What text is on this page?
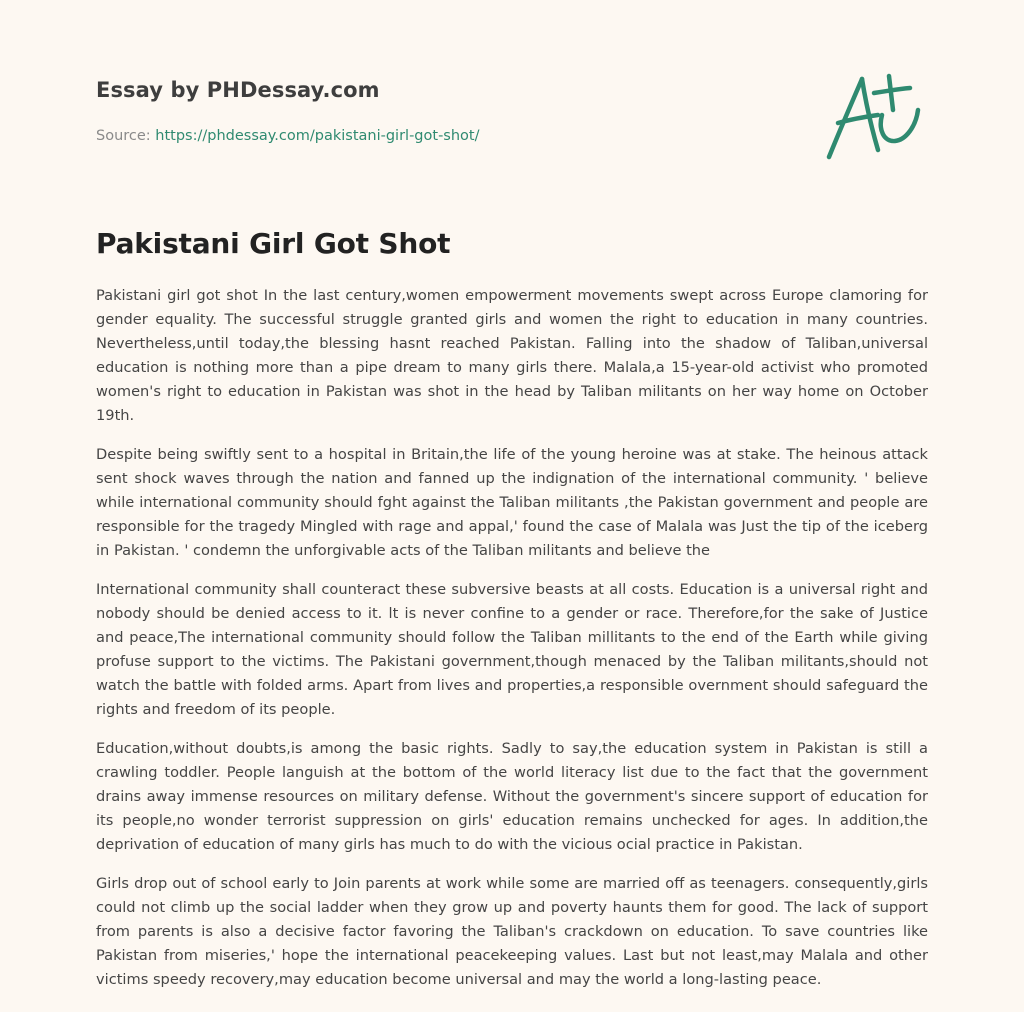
Essay by PHDessay.com
Source: https://phdessay.com/pakistani-girl-got-shot/
Pakistani Girl Got Shot

Pakistani girl got shot In the last century,women empowerment movements swept across Europe clamoring for gender equality. The successful struggle granted girls and women the right to education in many countries. Nevertheless,until today,the blessing hasnt reached Pakistan. Falling into the shadow of Taliban,universal education is nothing more than a pipe dream to many girls there. Malala,a 15-year-old activist who promoted women's right to education in Pakistan was shot in the head by Taliban militants on her way home on October 19th.

Despite being swiftly sent to a hospital in Britain,the life of the young heroine was at stake. The heinous attack sent shock waves through the nation and fanned up the indignation of the international community. ' believe while international community should fght against the Taliban militants ,the Pakistan government and people are responsible for the tragedy Mingled with rage and appal,' found the case of Malala was Just the tip of the iceberg in Pakistan. ' condemn the unforgivable acts of the Taliban militants and believe the

International community shall counteract these subversive beasts at all costs. Education is a universal right and nobody should be denied access to it. lt is never confine to a gender or race. Therefore,for the sake of Justice and peace,The international community should follow the Taliban millitants to the end of the Earth while giving profuse support to the victims. The Pakistani government,though menaced by the Taliban militants,should not watch the battle with folded arms. Apart from lives and properties,a responsible overnment should safeguard the rights and freedom of its people.

Education,without doubts,is among the basic rights. Sadly to say,the education system in Pakistan is still a crawling toddler. People languish at the bottom of the world literacy list due to the fact that the government drains away immense resources on military defense. Without the government's sincere support of education for its people,no wonder terrorist suppression on girls' education remains unchecked for ages. In addition,the deprivation of education of many girls has much to do with the vicious ocial practice in Pakistan.

Girls drop out of school early to Join parents at work while some are married off as teenagers. consequently,girls could not climb up the social ladder when they grow up and poverty haunts them for good. The lack of support from parents is also a decisive factor favoring the Taliban's crackdown on education. To save countries like Pakistan from miseries,' hope the international peacekeeping values. Last but not least,may Malala and other victims speedy recovery,may education become universal and may the world a long-lasting peace.
